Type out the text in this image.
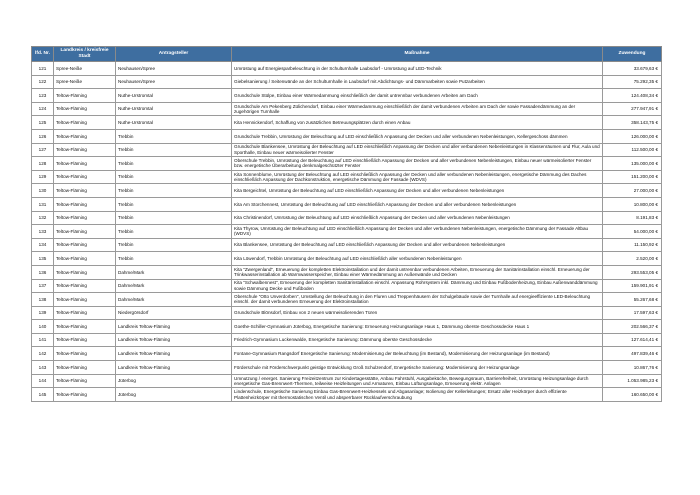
lfd. Nr.	Landkreis / kreisfreie Stadt	Antragsteller	Maßnahme	Zuwendung
121	Spree-Neiße	Neuhausen/Spree	Umrüstung auf Energiesparbeleuchtung in der Schulturnhalle Laubsdorf - Umrüstung auf LED-Technik	33.679,63 €
122	Spree-Neiße	Neuhausen/Spree	Giebelsanierung / Seitenwände an der Schulturnhalle in Laubsdorf mit Abdichtungs- und Dämmarbeiten sowie Putzarbeiten	75.292,35 €
123	Teltow-Fläming	Nuthe-Urstromtal	Grundschule Stülpe, Einbau einer Wärmedammung einschließlich der damit untrennbar verbundenen Arbeiten am Dach	124.408,34 €
124	Teltow-Fläming	Nuthe-Urstromtal	Grundschule Am Pekenberg Zülichendorf, Einbau einer Wärmedammung einschließlich der damit verbundenen Arbeiten am Dach der sowie Fassadendämmung an der zugehörigen Turnhalle	277.947,91 €
125	Teltow-Fläming	Nuthe-Urstromtal	Kita Hennickendorf, Schaffung von zusätzlichen Betreuungsplätzen durch einen Anbau	358.143,75 €
126	Teltow-Fläming	Trebbin	Grundschule Trebbin, Umrüstung der Beleuchtung auf LED einschließlich Anpassung der Decken und aller verbundenen Nebenleistungen, Kellergeschoss dämmen	126.000,00 €
127	Teltow-Fläming	Trebbin	Grundschule Blankensee, Umrüstung der Beleuchtung auf LED einschließlich Anpassung der Decken und aller verbundenen Nebenleistungen in Klassenräumen und Flur, Aula und Sporthalle, Einbau neuer wärmeisolierter Fenster	112.500,00 €
128	Teltow-Fläming	Trebbin	Oberschule Trebbin, Umrüstung der Beleuchtung auf LED einschließlich Anpassung der Decken und aller verbundenen Nebenleistungen, Einbau neuer wärmeisolierter Fenster bzw. energetische Überarbeitung denkmalgeschützter Fenster	135.000,00 €
129	Teltow-Fläming	Trebbin	Kita Sonnenblume, Umrüstung der Beleuchtung auf LED einschließlich Anpassung der Decken und aller verbundenen Nebenleistungen, energetische Dämmung des Daches einschließlich Anpassung der Dachkonstruktion, energetische Dämmung der Fassade (WDVS)	151.200,00 €
130	Teltow-Fläming	Trebbin	Kita Bergeichtel, Umrüstung der Beleuchtung auf LED einschließlich Anpassung der Decken und aller verbundenen Nebenleistungen	27.000,00 €
131	Teltow-Fläming	Trebbin	Kita Am Storchennest, Umrüstung der Beleuchtung auf LED einschließlich Anpassung der Decken und aller verbundenen Nebenleistungen	10.800,00 €
132	Teltow-Fläming	Trebbin	Kita Christinendorf, Umrüstung der Beleuchtung auf LED einschließlich Anpassung der Decken und aller verbundenen Nebenleistungen	8.191,83 €
133	Teltow-Fläming	Trebbin	Kita Thyrow, Umrüstung der Beleuchtung auf LED einschließlich Anpassung der Decken und aller verbundenen Nebenleistungen, energetische Dämmung der Fassade Altbau (WDVS)	54.000,00 €
134	Teltow-Fläming	Trebbin	Kita Blankensee, Umrüstung der Beleuchtung auf LED einschließlich Anpassung der Decken und aller verbundenen Nebenleistungen	11.150,92 €
135	Teltow-Fläming	Trebbin	Kita Löwendorf, Trebbin Umrüstung der Beleuchtung auf LED einschließlich aller verbundenen Nebenleistungen	2.520,00 €
136	Teltow-Fläming	Dahme/Mark	Kita "Zwergenland", Erneuerung der kompletten Elektroinstallation und der damit untrennbar verbundenen Arbeiten, Erneuerung der Sanitärinstallation einschl. Erneuerung der Trinkwasserinstallation ab Warmwasserspeicher, Einbau einer Wärmedämmung an Außenwände und Decken	293.553,05 €
137	Teltow-Fläming	Dahme/Mark	Kita "Schwalbennest", Erneuerung der kompletten Sanitärinstallation einschl. Anpassung Rohrsystem inkl. Dämmung und Einbau Fußbodenheizung, Einbau Außenwanddämmung sowie Dämmung Decke und Fußboden	159.901,91 €
138	Teltow-Fläming	Dahme/Mark	Oberschule "Otto Unverdorben", Umstellung der Beleuchtung in den Fluren und Treppenhäusern der Schulgebäude sowie der Turnhalle auf energieeffiziente LED-Beleuchtung einschl. der damit verbundenen Erneuerung der Elektroinstallation	55.267,68 €
139	Teltow-Fläming	Niedergörsdorf	Grundschule Blönsdorf, Einbau von 2 neuen wärmeisolierenden Türen	17.597,63 €
140	Teltow-Fläming	Landkreis Teltow-Fläming	Goethe-Schiller-Gymnasium Jüterbog, Energetische Sanierung: Erneuerung Heizungsanlage Haus 1, Dämmung oberste Geschossdecke Haus 1	202.566,37 €
141	Teltow-Fläming	Landkreis Teltow-Fläming	Friedrich-Gymnasium Luckenwalde, Energetische Sanierung: Dämmung oberste Geschossdecke	127.614,41 €
142	Teltow-Fläming	Landkreis Teltow-Fläming	Fontane-Gymnasium Rangsdorf Energetische Sanierung: Modernisierung der Beleuchtung (im Bestand), Modernisierung der Heizungsanlage (im Bestand)	497.839,46 €
143	Teltow-Fläming	Landkreis Teltow-Fläming	Förderschule mit Förderschwerpunkt geistige Entwicklung Groß Schulzendorf, Energetische Sanierung: Modernisierung der Heizungsanlage	10.867,76 €
144	Teltow-Fläming	Jüterbog	Umnutzung / energet. Sanierung Freizeitzentrum zur Kindertagesstätte, Anbau Fahrstuhl, Ausgabeküche, Bewegungsraum, Barrierefreiheit, Umrüstung Heizungsanlage durch energetische Gas-Brennwert-Thermen, teilweise Heizleitungen und Armaturen, Einbau Lüftungsanlage, Erneuerung elektr. Anlagen	1.053.985,23 €
145	Teltow-Fläming	Jüterbog	Lindenschule, Energetische Sanierung Einbau Gas-Brennwert-Heizkessels und Abgasanlage; Isolierung der Kellerleitungen; Ersatz aller Heizkörper durch effiziente Plattenheizkörper mit thermostatischen Ventil und absperrbarer Rücklaufverschraubung	160.650,00 €
